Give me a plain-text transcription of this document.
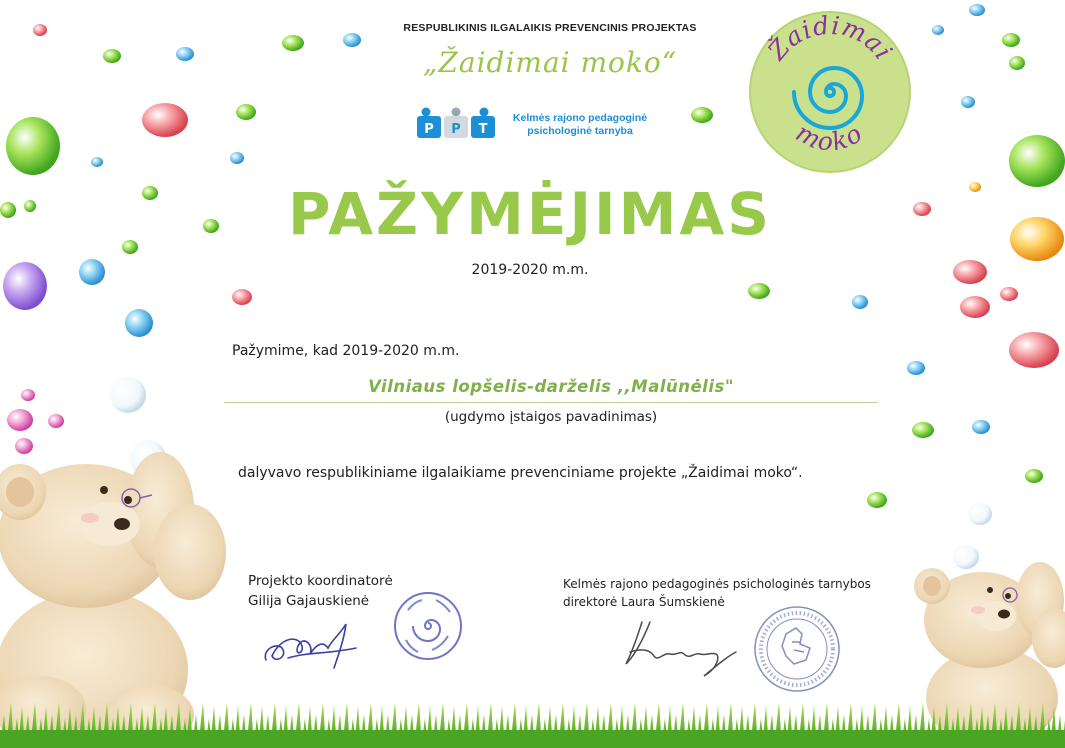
RESPUBLIKINIS ILGALAIKIS PREVENCINIS PROJEKTAS
„Žaidimai moko“
P P T
Kelmės rajono pedagoginė
psichologinė tarnyba
Žaidimai
moko
PAŽYMĖJIMAS
2019-2020 m.m.
Pažymime, kad 2019-2020 m.m.
Vilniaus lopšelis-darželis ,,Malūnėlis"
(ugdymo įstaigos pavadinimas)
dalyvavo respublikiniame ilgalaikiame prevenciniame projekte „Žaidimai moko“.
Projekto koordinatorė
Gilija Gajauskienė
Kelmės rajono pedagoginės psichologinės tarnybos
direktorė Laura Šumskienė
